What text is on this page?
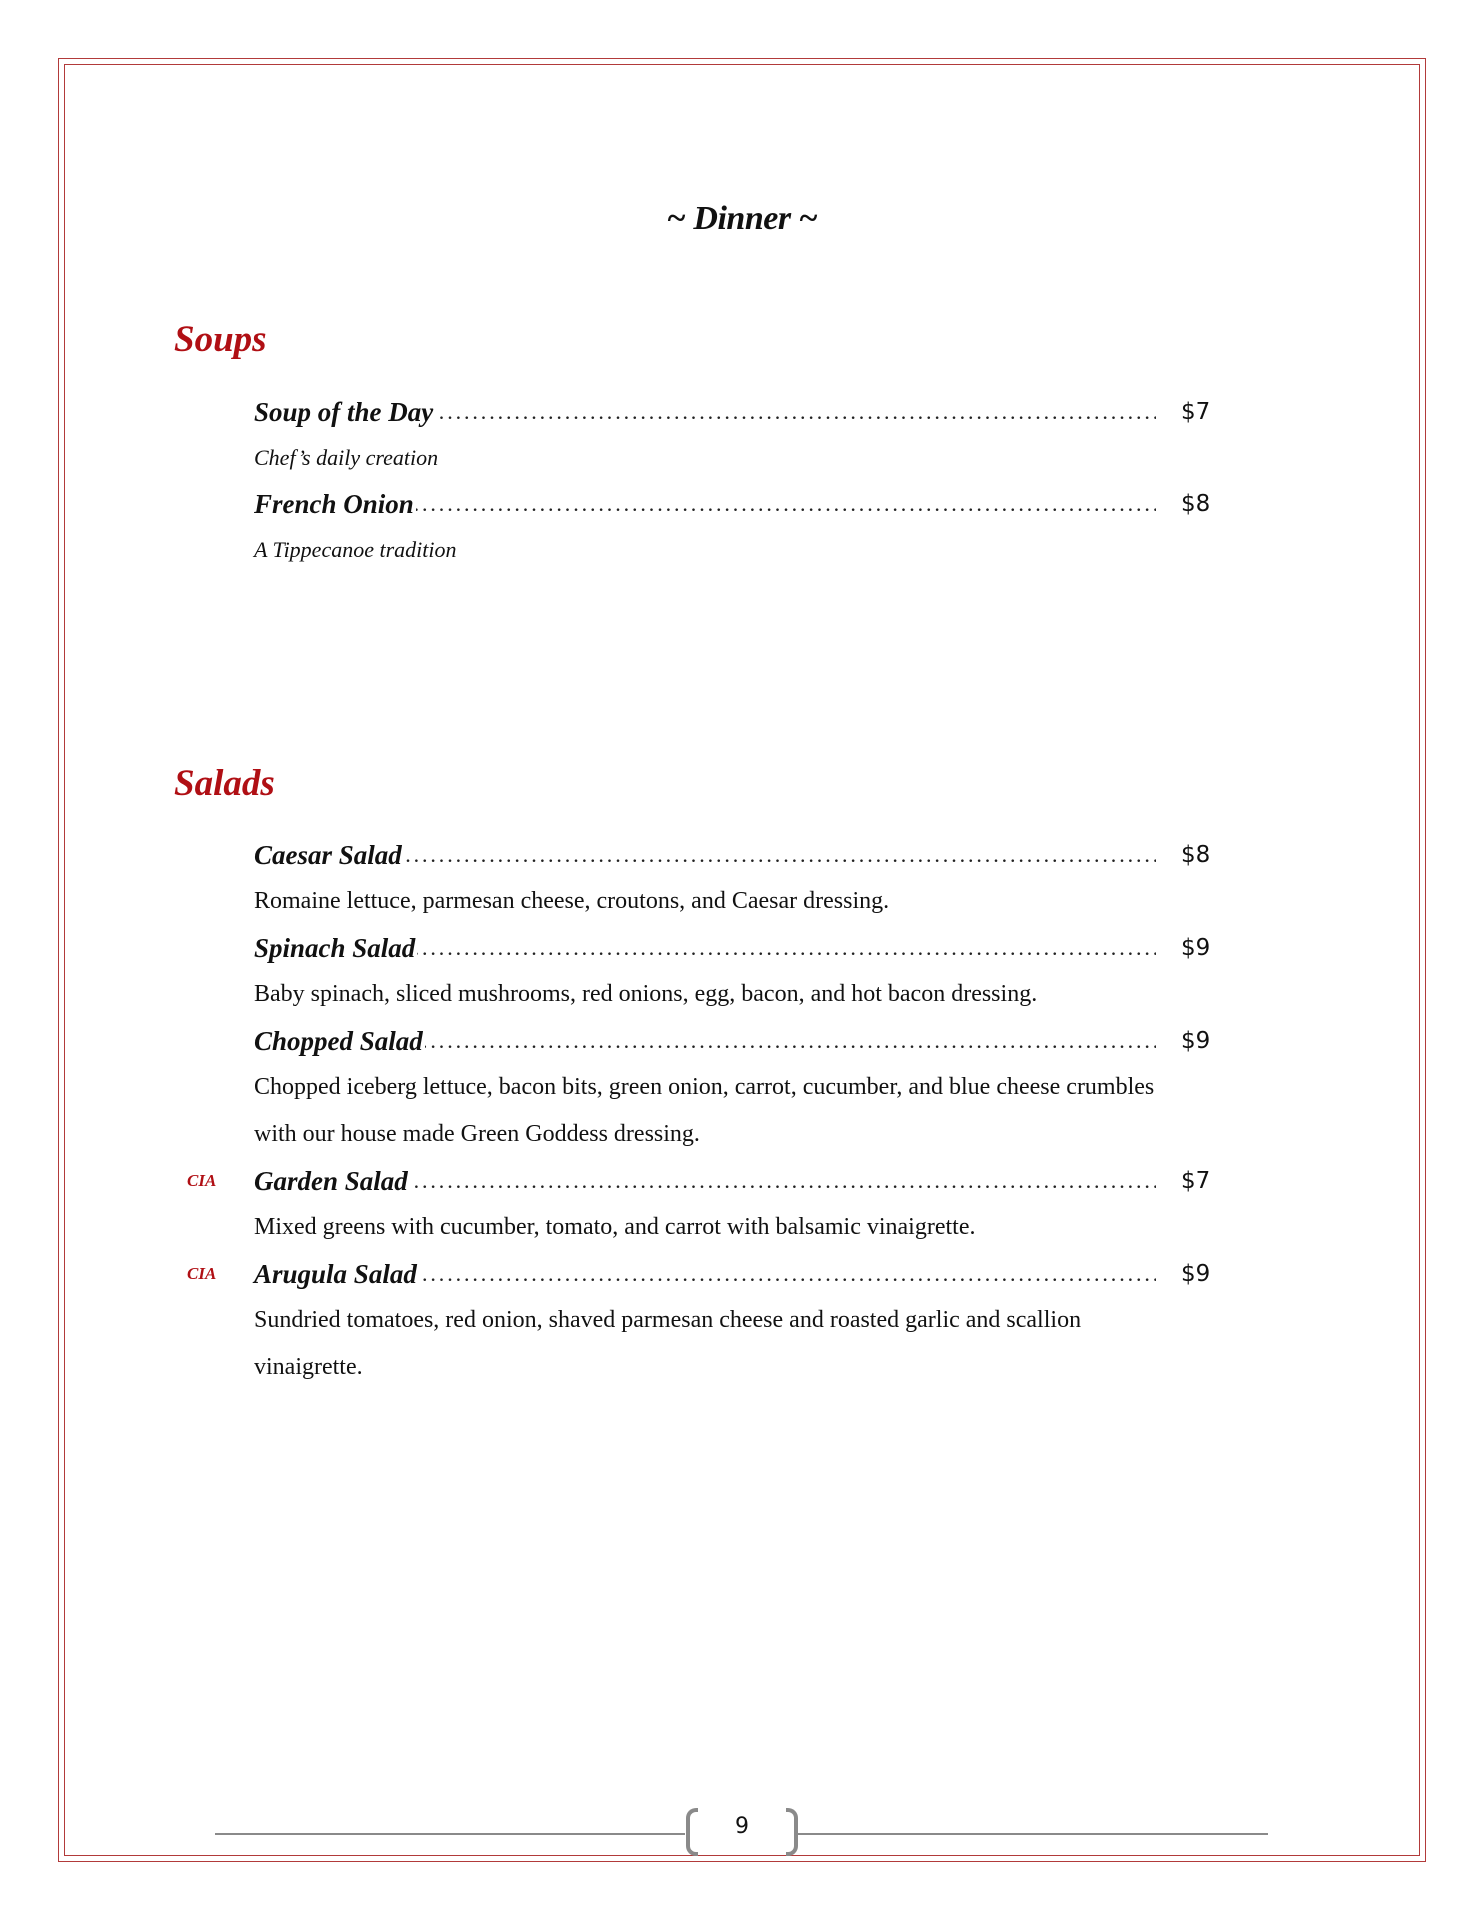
~ Dinner ~
Soups
.....
Soup of the Day	$7
Chef’s daily creation
.....
French Onion	$8
A Tippecanoe tradition
Salads
.....
Caesar Salad	$8
Romaine lettuce, parmesan cheese, croutons, and Caesar dressing.
.....
Spinach Salad	$9
Baby spinach, sliced mushrooms, red onions, egg, bacon, and hot bacon dressing.
.....
Chopped Salad	$9
Chopped iceberg lettuce, bacon bits, green onion, carrot, cucumber, and blue cheese crumbles with our house made Green Goddess dressing.
CIA ..... Garden Salad	$7
Mixed greens with cucumber, tomato, and carrot with balsamic vinaigrette.
CIA ..... Arugula Salad	$9
Sundried tomatoes, red onion, shaved parmesan cheese and roasted garlic and scallion vinaigrette.
9
